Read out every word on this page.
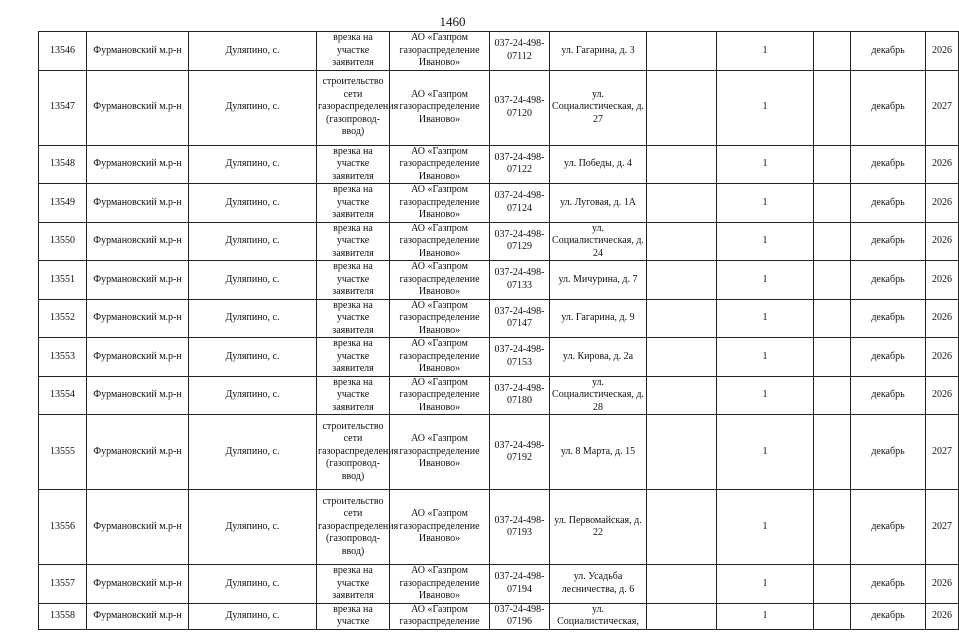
1460
13546	Фурмановский м.р-н	Дуляпино, с.	врезка на участке заявителя	АО «Газпром газораспределение Иваново»	037-24-498-07112	ул. Гагарина, д. 3		1		декабрь	2026
13547	Фурмановский м.р-н	Дуляпино, с.	строительство сети газораспределения (газопровод-ввод)	АО «Газпром газораспределение Иваново»	037-24-498-07120	ул. Социалистическая, д. 27		1		декабрь	2027
13548	Фурмановский м.р-н	Дуляпино, с.	врезка на участке заявителя	АО «Газпром газораспределение Иваново»	037-24-498-07122	ул. Победы, д. 4		1		декабрь	2026
13549	Фурмановский м.р-н	Дуляпино, с.	врезка на участке заявителя	АО «Газпром газораспределение Иваново»	037-24-498-07124	ул. Луговая, д. 1А		1		декабрь	2026
13550	Фурмановский м.р-н	Дуляпино, с.	врезка на участке заявителя	АО «Газпром газораспределение Иваново»	037-24-498-07129	ул. Социалистическая, д. 24		1		декабрь	2026
13551	Фурмановский м.р-н	Дуляпино, с.	врезка на участке заявителя	АО «Газпром газораспределение Иваново»	037-24-498-07133	ул. Мичурина, д. 7		1		декабрь	2026
13552	Фурмановский м.р-н	Дуляпино, с.	врезка на участке заявителя	АО «Газпром газораспределение Иваново»	037-24-498-07147	ул. Гагарина, д. 9		1		декабрь	2026
13553	Фурмановский м.р-н	Дуляпино, с.	врезка на участке заявителя	АО «Газпром газораспределение Иваново»	037-24-498-07153	ул. Кирова, д. 2а		1		декабрь	2026
13554	Фурмановский м.р-н	Дуляпино, с.	врезка на участке заявителя	АО «Газпром газораспределение Иваново»	037-24-498-07180	ул. Социалистическая, д. 28		1		декабрь	2026
13555	Фурмановский м.р-н	Дуляпино, с.	строительство сети газораспределения (газопровод-ввод)	АО «Газпром газораспределение Иваново»	037-24-498-07192	ул. 8 Марта, д. 15		1		декабрь	2027
13556	Фурмановский м.р-н	Дуляпино, с.	строительство сети газораспределения (газопровод-ввод)	АО «Газпром газораспределение Иваново»	037-24-498-07193	ул. Первомайская, д. 22		1		декабрь	2027
13557	Фурмановский м.р-н	Дуляпино, с.	врезка на участке заявителя	АО «Газпром газораспределение Иваново»	037-24-498-07194	ул. Усадьба лесничества, д. 6		1		декабрь	2026
13558	Фурмановский м.р-н	Дуляпино, с.	врезка на участке	АО «Газпром газораспределение	037-24-498-07196	ул. Социалистическая,		1		декабрь	2026
